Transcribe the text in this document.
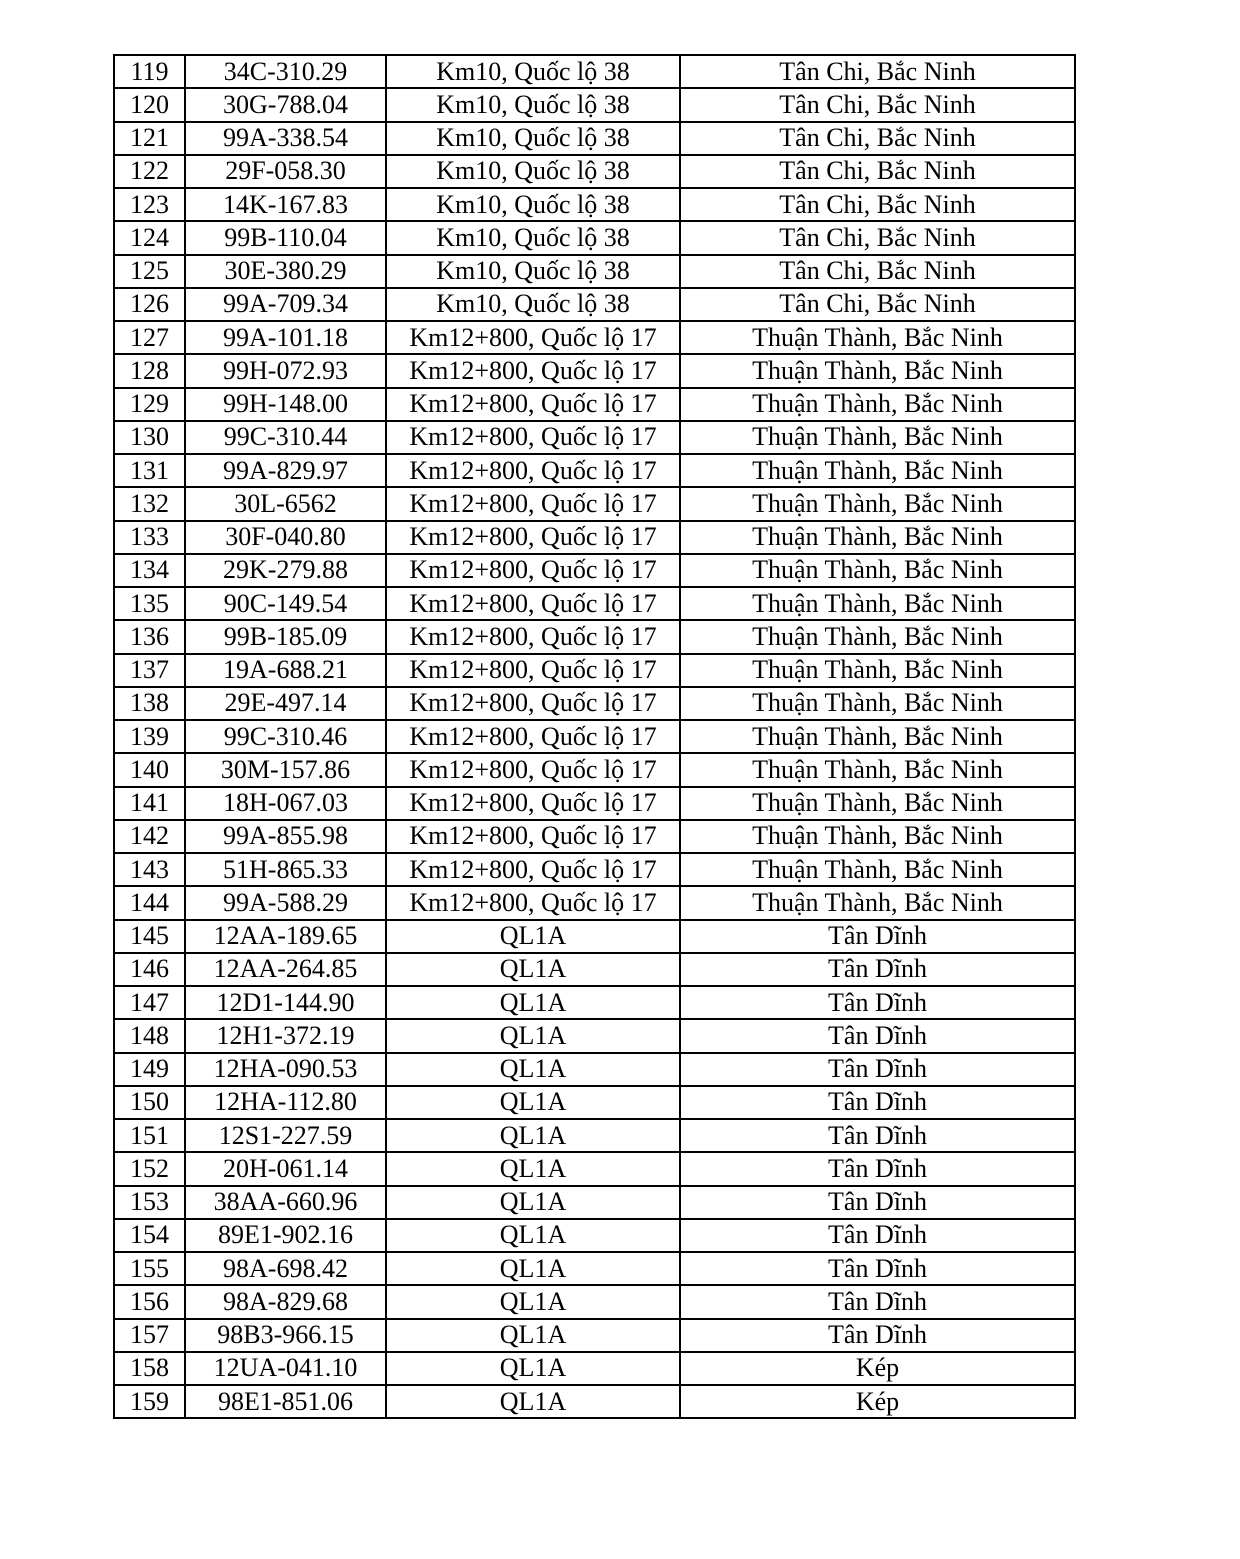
119	34C-310.29	Km10, Quốc lộ 38	Tân Chi, Bắc Ninh
120	30G-788.04	Km10, Quốc lộ 38	Tân Chi, Bắc Ninh
121	99A-338.54	Km10, Quốc lộ 38	Tân Chi, Bắc Ninh
122	29F-058.30	Km10, Quốc lộ 38	Tân Chi, Bắc Ninh
123	14K-167.83	Km10, Quốc lộ 38	Tân Chi, Bắc Ninh
124	99B-110.04	Km10, Quốc lộ 38	Tân Chi, Bắc Ninh
125	30E-380.29	Km10, Quốc lộ 38	Tân Chi, Bắc Ninh
126	99A-709.34	Km10, Quốc lộ 38	Tân Chi, Bắc Ninh
127	99A-101.18	Km12+800, Quốc lộ 17	Thuận Thành, Bắc Ninh
128	99H-072.93	Km12+800, Quốc lộ 17	Thuận Thành, Bắc Ninh
129	99H-148.00	Km12+800, Quốc lộ 17	Thuận Thành, Bắc Ninh
130	99C-310.44	Km12+800, Quốc lộ 17	Thuận Thành, Bắc Ninh
131	99A-829.97	Km12+800, Quốc lộ 17	Thuận Thành, Bắc Ninh
132	30L-6562	Km12+800, Quốc lộ 17	Thuận Thành, Bắc Ninh
133	30F-040.80	Km12+800, Quốc lộ 17	Thuận Thành, Bắc Ninh
134	29K-279.88	Km12+800, Quốc lộ 17	Thuận Thành, Bắc Ninh
135	90C-149.54	Km12+800, Quốc lộ 17	Thuận Thành, Bắc Ninh
136	99B-185.09	Km12+800, Quốc lộ 17	Thuận Thành, Bắc Ninh
137	19A-688.21	Km12+800, Quốc lộ 17	Thuận Thành, Bắc Ninh
138	29E-497.14	Km12+800, Quốc lộ 17	Thuận Thành, Bắc Ninh
139	99C-310.46	Km12+800, Quốc lộ 17	Thuận Thành, Bắc Ninh
140	30M-157.86	Km12+800, Quốc lộ 17	Thuận Thành, Bắc Ninh
141	18H-067.03	Km12+800, Quốc lộ 17	Thuận Thành, Bắc Ninh
142	99A-855.98	Km12+800, Quốc lộ 17	Thuận Thành, Bắc Ninh
143	51H-865.33	Km12+800, Quốc lộ 17	Thuận Thành, Bắc Ninh
144	99A-588.29	Km12+800, Quốc lộ 17	Thuận Thành, Bắc Ninh
145	12AA-189.65	QL1A	Tân Dĩnh
146	12AA-264.85	QL1A	Tân Dĩnh
147	12D1-144.90	QL1A	Tân Dĩnh
148	12H1-372.19	QL1A	Tân Dĩnh
149	12HA-090.53	QL1A	Tân Dĩnh
150	12HA-112.80	QL1A	Tân Dĩnh
151	12S1-227.59	QL1A	Tân Dĩnh
152	20H-061.14	QL1A	Tân Dĩnh
153	38AA-660.96	QL1A	Tân Dĩnh
154	89E1-902.16	QL1A	Tân Dĩnh
155	98A-698.42	QL1A	Tân Dĩnh
156	98A-829.68	QL1A	Tân Dĩnh
157	98B3-966.15	QL1A	Tân Dĩnh
158	12UA-041.10	QL1A	Kép
159	98E1-851.06	QL1A	Kép
